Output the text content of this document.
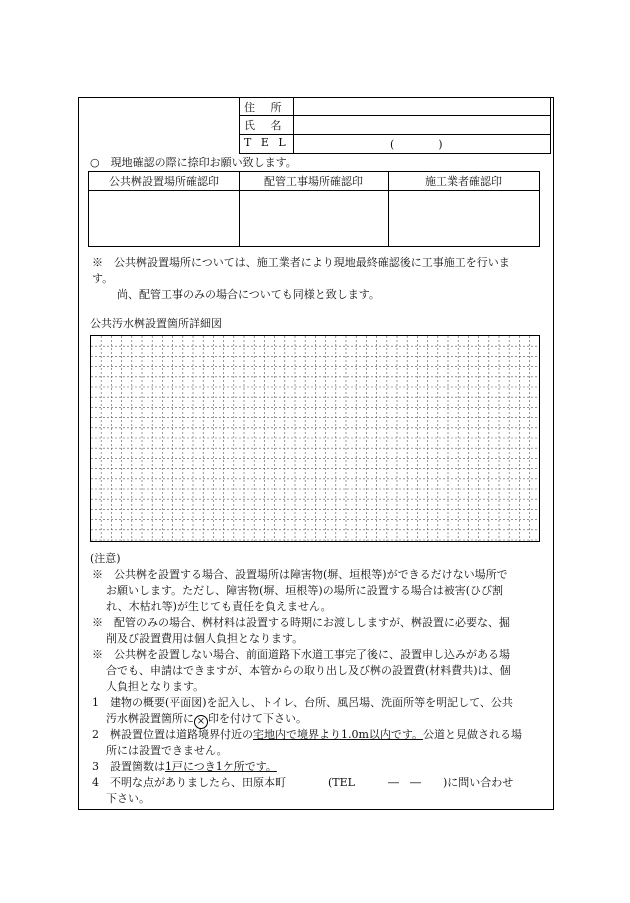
住 所
氏 名
T E L	(　　　　)
○　現地確認の際に捺印お願い致します。
公共桝設置場所確認印	配管工事場所確認印	施工業者確認印
※　公共桝設置場所については、施工業者により現地最終確認後に工事施工を行いま
す。
尚、配管工事のみの場合についても同様と致します。
公共汚水桝設置箇所詳細図
(注意)
※　公共桝を設置する場合、設置場所は障害物(塀、垣根等)ができるだけない場所で
お願いします。ただし、障害物(塀、垣根等)の場所に設置する場合は被害(ひび割
れ、木枯れ等)が生じても責任を負えません。
※　配管のみの場合、桝材料は設置する時期にお渡ししますが、桝設置に必要な、掘
削及び設置費用は個人負担となります。
※　公共桝を設置しない場合、前面道路下水道工事完了後に、設置申し込みがある場
合でも、申請はできますが、本管からの取り出し及び桝の設置費(材料費共)は、個
人負担となります。
1　建物の概要(平面図)を記入し、トイレ、台所、風呂場、洗面所等を明記して、公共
汚水桝設置箇所に × 印を付けて下さい。
2　桝設置位置は道路境界付近の宅地内で境界より1.0m以内です。公道と見做される場
所には設置できません。
3　設置箇数は1戸につき1ケ所です。
4　不明な点がありましたら、田原本町	(TEL　　　―　―　　)に問い合わせ
下さい。
